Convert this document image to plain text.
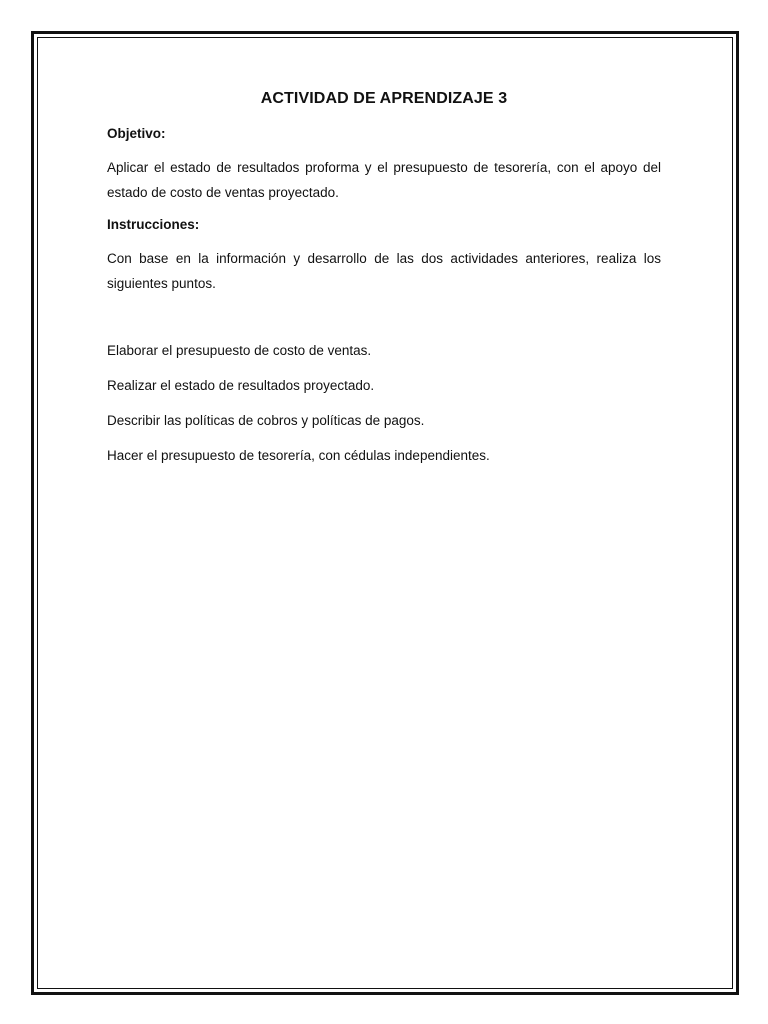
ACTIVIDAD DE APRENDIZAJE 3
Objetivo:
Aplicar el estado de resultados proforma y el presupuesto de tesorería, con el apoyo del estado de costo de ventas proyectado.
Instrucciones:
Con base en la información y desarrollo de las dos actividades anteriores, realiza los siguientes puntos.
Elaborar el presupuesto de costo de ventas.
Realizar el estado de resultados proyectado.
Describir las políticas de cobros y políticas de pagos.
Hacer el presupuesto de tesorería, con cédulas independientes.
